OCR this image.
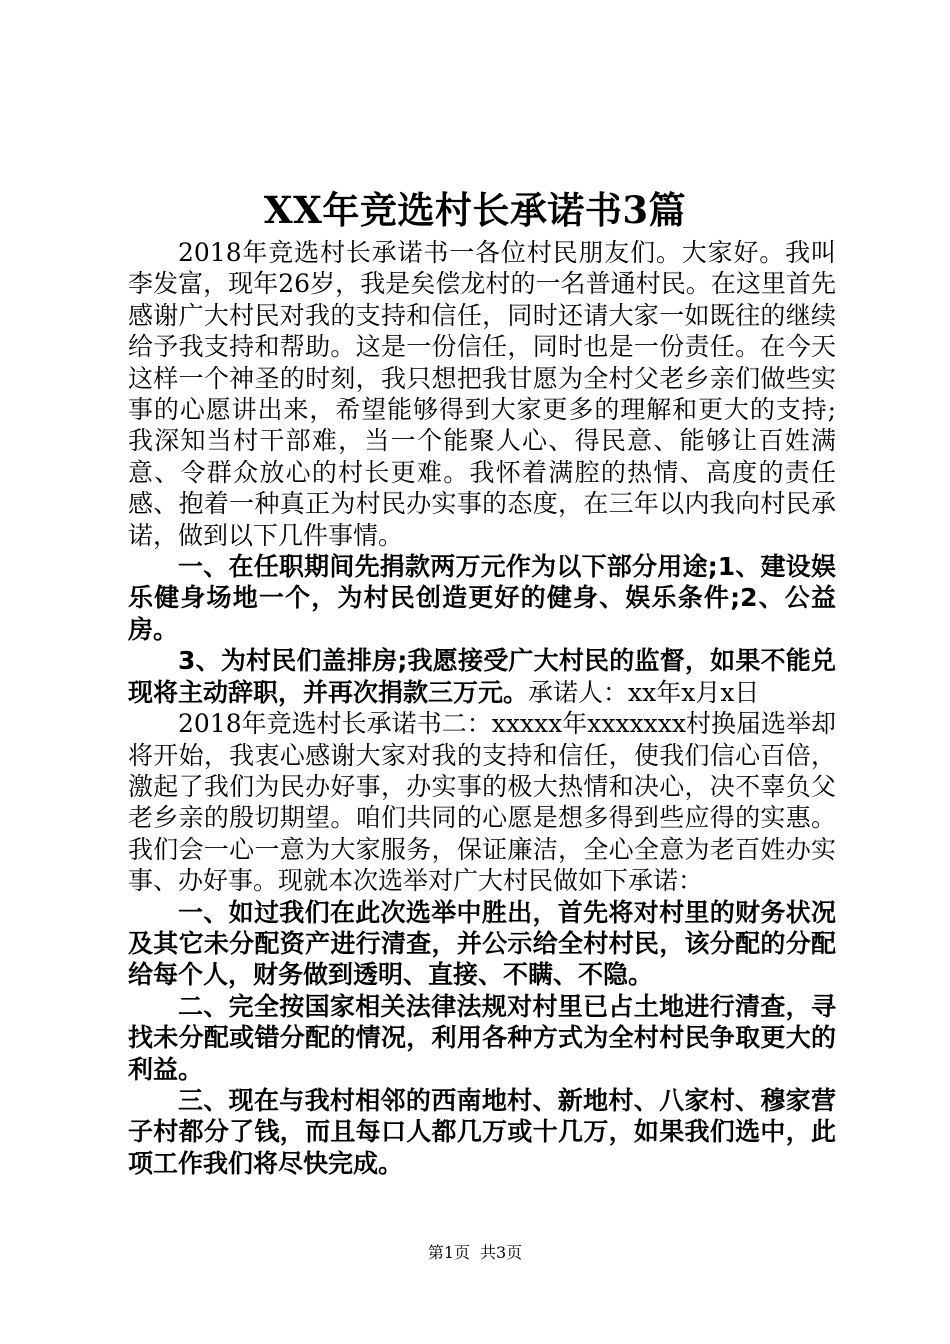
XX年竞选村长承诺书3篇

2018年竞选村长承诺书一各位村民朋友们。大家好。我叫李发富，现年26岁，我是矣偿龙村的一名普通村民。在这里首先感谢广大村民对我的支持和信任，同时还请大家一如既往的继续给予我支持和帮助。这是一份信任，同时也是一份责任。在今天这样一个神圣的时刻，我只想把我甘愿为全村父老乡亲们做些实事的心愿讲出来，希望能够得到大家更多的理解和更大的支持;我深知当村干部难，当一个能聚人心、得民意、能够让百姓满意、令群众放心的村长更难。我怀着满腔的热情、高度的责任感、抱着一种真正为村民办实事的态度，在三年以内我向村民承诺，做到以下几件事情。

一、在任职期间先捐款两万元作为以下部分用途;1、建设娱乐健身场地一个，为村民创造更好的健身、娱乐条件;2、公益房。

3、为村民们盖排房;我愿接受广大村民的监督，如果不能兑现将主动辞职，并再次捐款三万元。承诺人：xx年x月x日

2018年竞选村长承诺书二：xxxxx年xxxxxxx村换届选举却将开始，我衷心感谢大家对我的支持和信任，使我们信心百倍，激起了我们为民办好事，办实事的极大热情和决心，决不辜负父老乡亲的殷切期望。咱们共同的心愿是想多得到些应得的实惠。我们会一心一意为大家服务，保证廉洁，全心全意为老百姓办实事、办好事。现就本次选举对广大村民做如下承诺：

一、如过我们在此次选举中胜出，首先将对村里的财务状况及其它未分配资产进行清查，并公示给全村村民，该分配的分配给每个人，财务做到透明、直接、不瞒、不隐。

二、完全按国家相关法律法规对村里已占土地进行清查，寻找未分配或错分配的情况，利用各种方式为全村村民争取更大的利益。

三、现在与我村相邻的西南地村、新地村、八家村、穆家营子村都分了钱，而且每口人都几万或十几万，如果我们选中，此项工作我们将尽快完成。

第1页 共3页
